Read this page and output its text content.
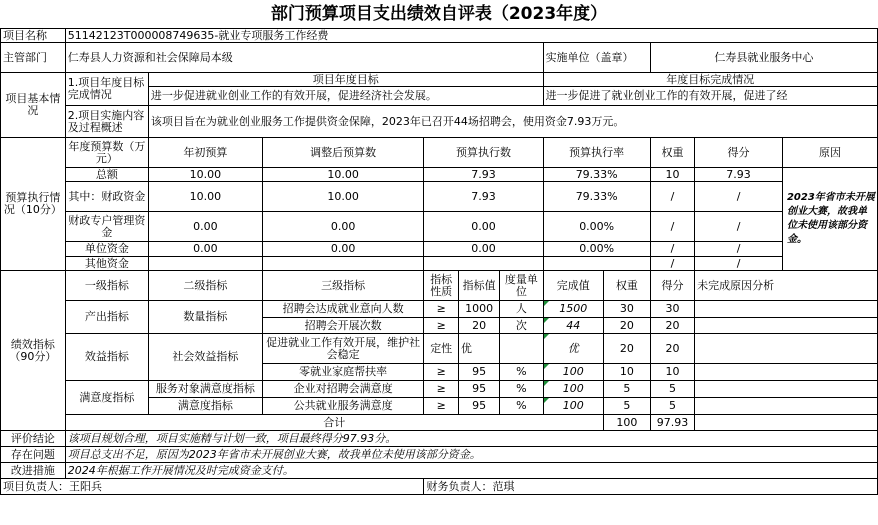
部门预算项目支出绩效自评表（2023年度）
项目名称	51142123T000008749635-就业专项服务工作经费										
主管部门	仁寿县人力资源和社会保障局本级						实施单位（盖章）		仁寿县就业服务中心		
项目基本情况	1.项目年度目标完成情况	项目年度目标					年度目标完成情况				
		进一步促进就业创业工作的有效开展，促进经济社会发展。					进一步促进了就业创业工作的有效开展，促进了经				
	2.项目实施内容及过程概述	该项目旨在为就业创业服务工作提供资金保障，2023年已召开44场招聘会，使用资金7.93万元。									
预算执行情况（10分）	年度预算数（万元）	年初预算	调整后预算数	预算执行数			预算执行率		权重	得分	原因
	总额	10.00	10.00	7.93			79.33%		10	7.93	2023年省市未开展创业大赛，故我单位未使用该部分资金。

	其中：财政资金	10.00	10.00	7.93			79.33%		/	/	
	财政专户管理资金	0.00	0.00	0.00			0.00%		/	/	
	单位资金	0.00	0.00	0.00			0.00%		/	/	
	其他资金								/	/	
绩效指标（90分）	一级指标	二级指标	三级指标	指标性质	指标值	度量单位	完成值	权重	得分	未完成原因分析	
	产出指标	数量指标	招聘会达成就业意向人数	≥	1000	人	1500	30	30		
			招聘会开展次数	≥	20	次	44	20	20		
	效益指标	社会效益指标	促进就业工作有效开展，维护社会稳定	定性	优		优	20	20		
			零就业家庭帮扶率	≥	95	%	100	10	10		
	满意度指标	服务对象满意度指标	企业对招聘会满意度	≥	95	%	100	5	5		
		满意度指标	公共就业服务满意度	≥	95	%	100	5	5		
	合计							100	97.93		
评价结论	该项目规划合理，项目实施精与计划一致，项目最终得分97.93分。										
存在问题	项目总支出不足，原因为2023年省市未开展创业大赛，故我单位未使用该部分资金。										
改进措施	2024年根据工作开展情况及时完成资金支付。										
项目负责人：王阳兵				财务负责人：范琪							
